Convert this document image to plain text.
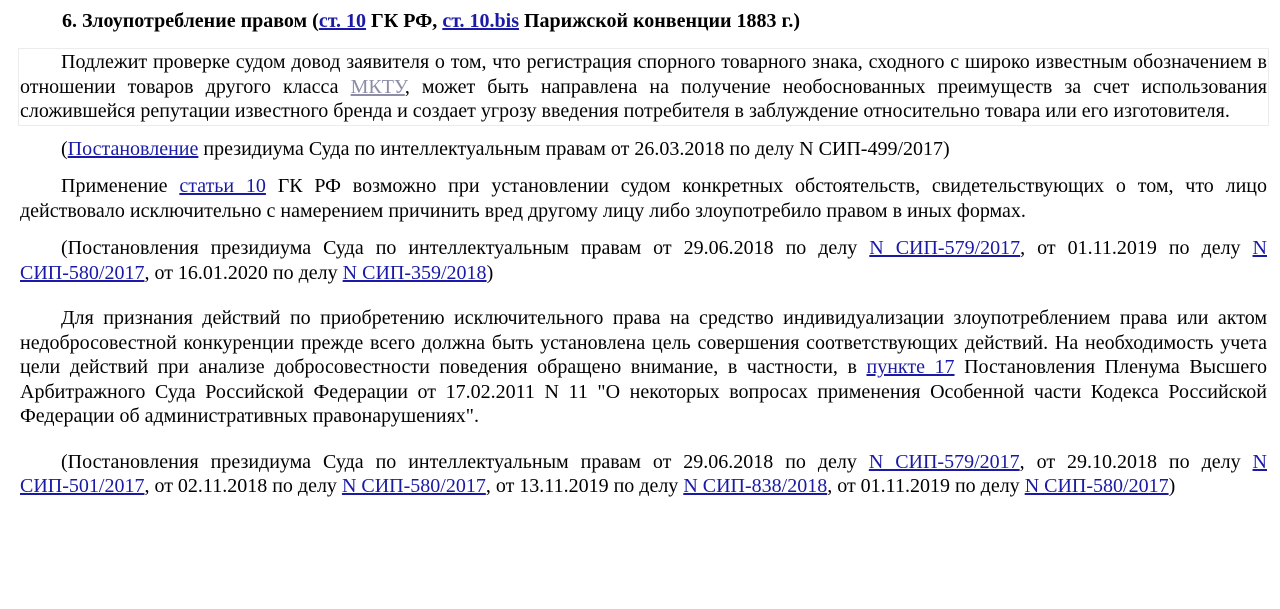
6. Злоупотребление правом (ст. 10 ГК РФ, ст. 10.bis Парижской конвенции 1883 г.)

Подлежит проверке судом довод заявителя о том, что регистрация спорного товарного знака, сходного с широко известным обозначением в отношении товаров другого класса МКТУ, может быть направлена на получение необоснованных преимуществ за счет использования сложившейся репутации известного бренда и создает угрозу введения потребителя в заблуждение относительно товара или его изготовителя.

(Постановление президиума Суда по интеллектуальным правам от 26.03.2018 по делу N СИП-499/2017)

Применение статьи 10 ГК РФ возможно при установлении судом конкретных обстоятельств, свидетельствующих о том, что лицо действовало исключительно с намерением причинить вред другому лицу либо злоупотребило правом в иных формах.

(Постановления президиума Суда по интеллектуальным правам от 29.06.2018 по делу N СИП-579/2017, от 01.11.2019 по делу N СИП-580/2017, от 16.01.2020 по делу N СИП-359/2018)

Для признания действий по приобретению исключительного права на средство индивидуализации злоупотреблением права или актом недобросовестной конкуренции прежде всего должна быть установлена цель совершения соответствующих действий. На необходимость учета цели действий при анализе добросовестности поведения обращено внимание, в частности, в пункте 17 Постановления Пленума Высшего Арбитражного Суда Российской Федерации от 17.02.2011 N 11 "О некоторых вопросах применения Особенной части Кодекса Российской Федерации об административных правонарушениях".

(Постановления президиума Суда по интеллектуальным правам от 29.06.2018 по делу N СИП-579/2017, от 29.10.2018 по делу N СИП-501/2017, от 02.11.2018 по делу N СИП-580/2017, от 13.11.2019 по делу N СИП-838/2018, от 01.11.2019 по делу N СИП-580/2017)
